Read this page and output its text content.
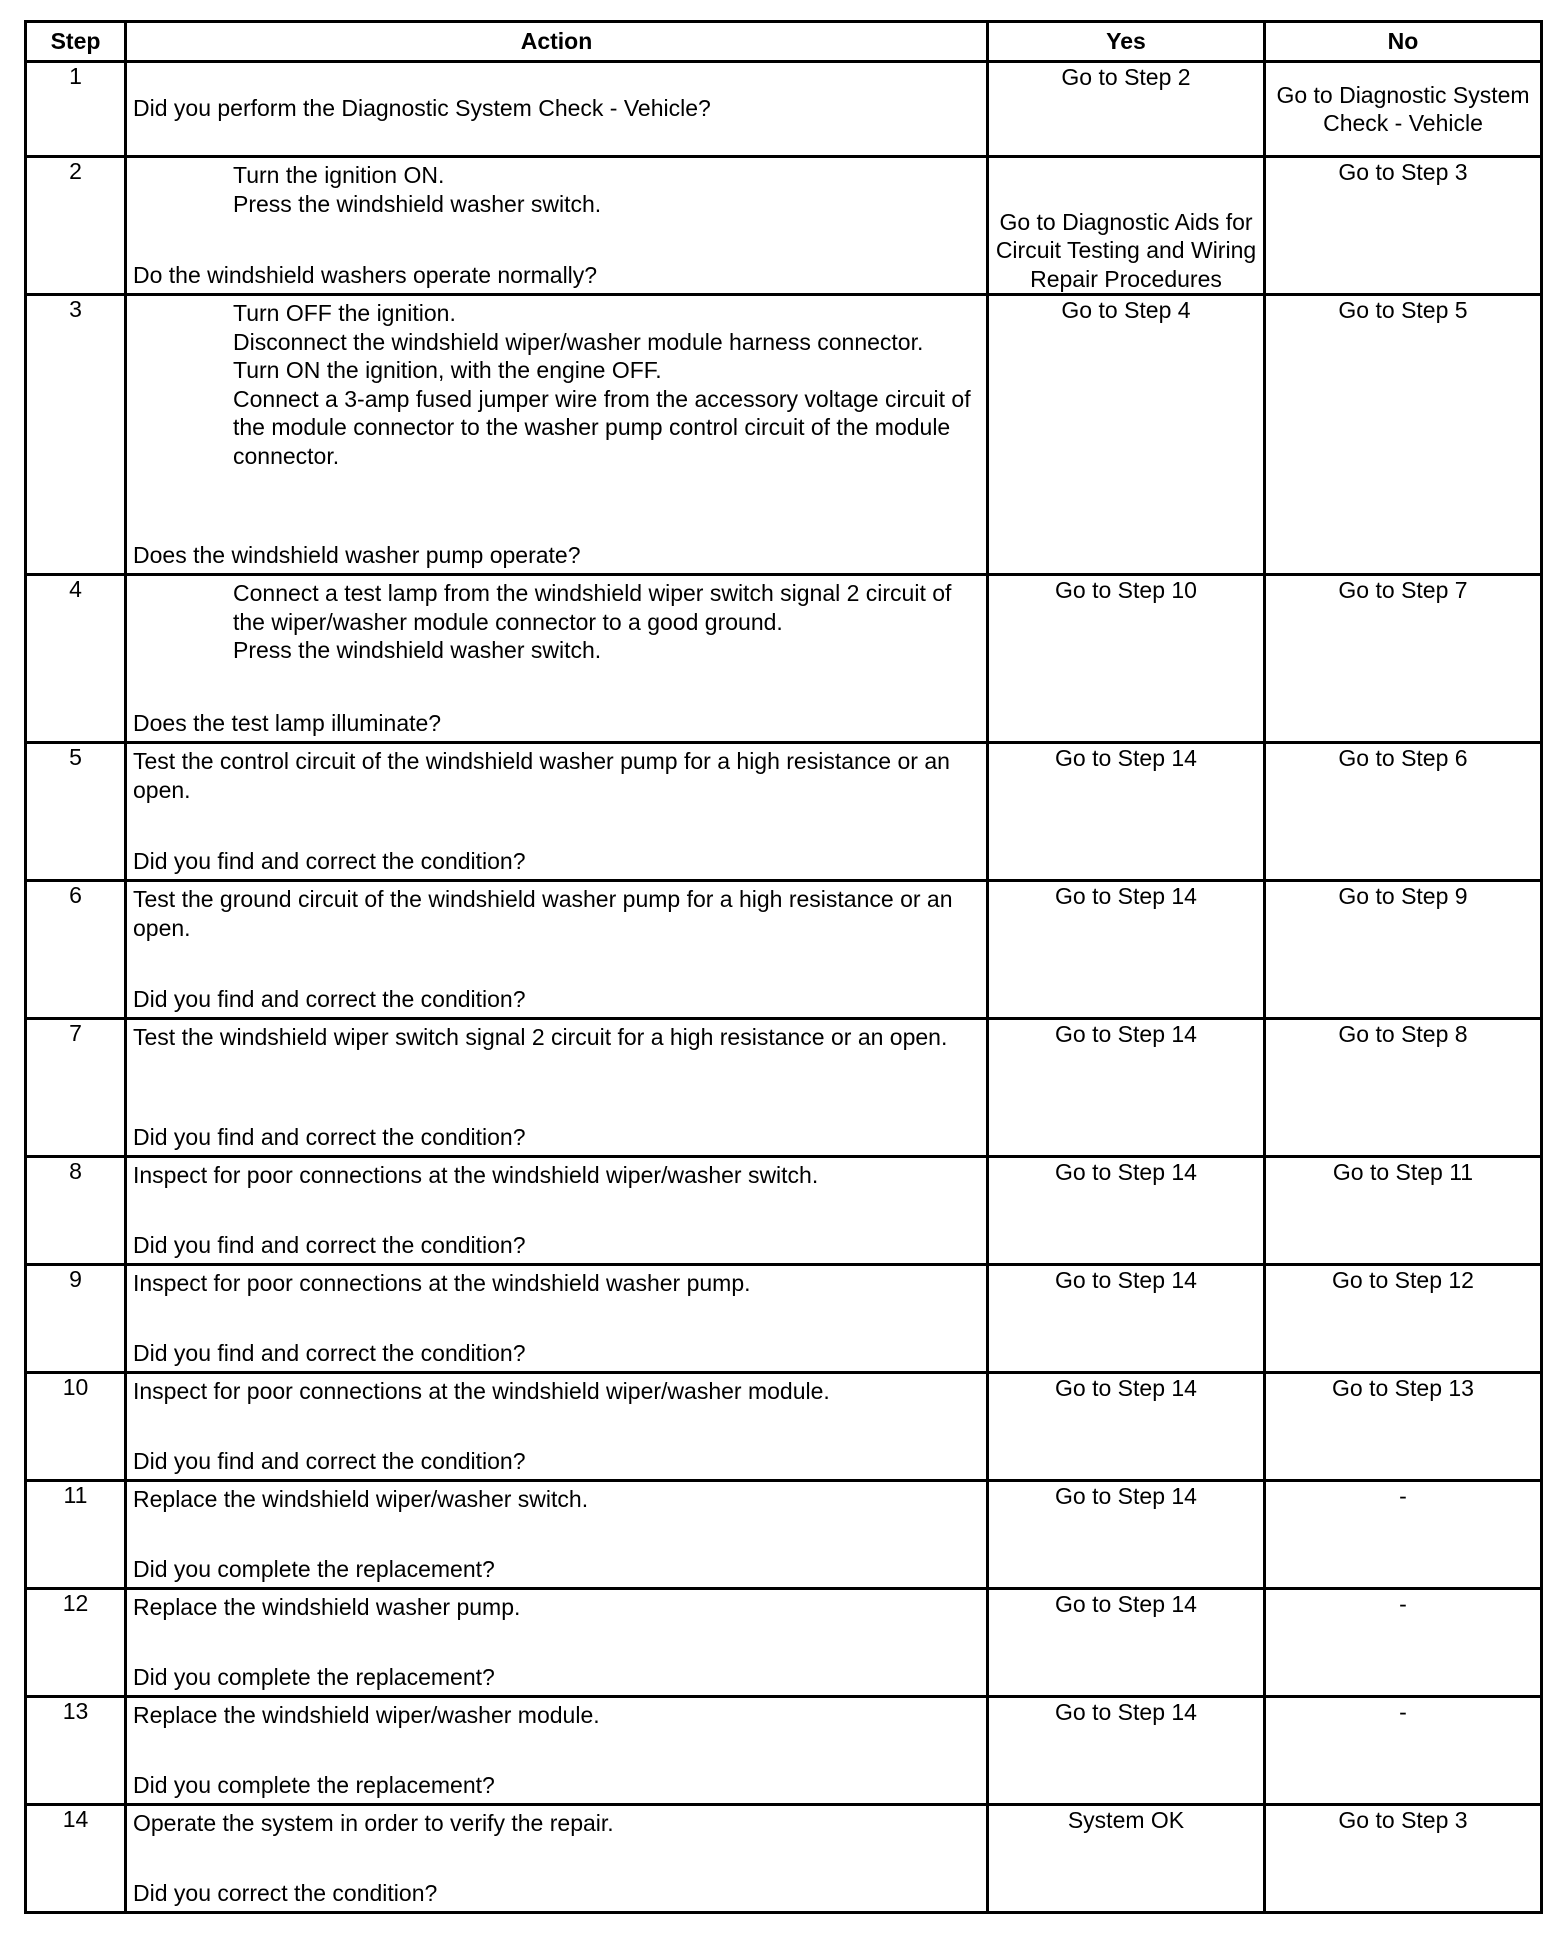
Step	Action	Yes	No
1	Did you perform the Diagnostic System Check - Vehicle?	Go to Step 2	Go to Diagnostic System Check - Vehicle
2	Turn the ignition ON.
Press the windshield washer switch.
Do the windshield washers operate normally?	Go to Diagnostic Aids for Circuit Testing and Wiring Repair Procedures	Go to Step 3
3	Turn OFF the ignition.
Disconnect the windshield wiper/washer module harness connector.
Turn ON the ignition, with the engine OFF.
Connect a 3-amp fused jumper wire from the accessory voltage circuit of the module connector to the washer pump control circuit of the module connector.
Does the windshield washer pump operate?	Go to Step 4	Go to Step 5
4	Connect a test lamp from the windshield wiper switch signal 2 circuit of the wiper/washer module connector to a good ground.
Press the windshield washer switch.
Does the test lamp illuminate?	Go to Step 10	Go to Step 7
5	Test the control circuit of the windshield washer pump for a high resistance or an open.
Did you find and correct the condition?	Go to Step 14	Go to Step 6
6	Test the ground circuit of the windshield washer pump for a high resistance or an open.
Did you find and correct the condition?	Go to Step 14	Go to Step 9
7	Test the windshield wiper switch signal 2 circuit for a high resistance or an open.
Did you find and correct the condition?	Go to Step 14	Go to Step 8
8	Inspect for poor connections at the windshield wiper/washer switch.
Did you find and correct the condition?	Go to Step 14	Go to Step 11
9	Inspect for poor connections at the windshield washer pump.
Did you find and correct the condition?	Go to Step 14	Go to Step 12
10	Inspect for poor connections at the windshield wiper/washer module.
Did you find and correct the condition?	Go to Step 14	Go to Step 13
11	Replace the windshield wiper/washer switch.
Did you complete the replacement?	Go to Step 14	-
12	Replace the windshield washer pump.
Did you complete the replacement?	Go to Step 14	-
13	Replace the windshield wiper/washer module.
Did you complete the replacement?	Go to Step 14	-
14	Operate the system in order to verify the repair.
Did you correct the condition?	System OK	Go to Step 3
